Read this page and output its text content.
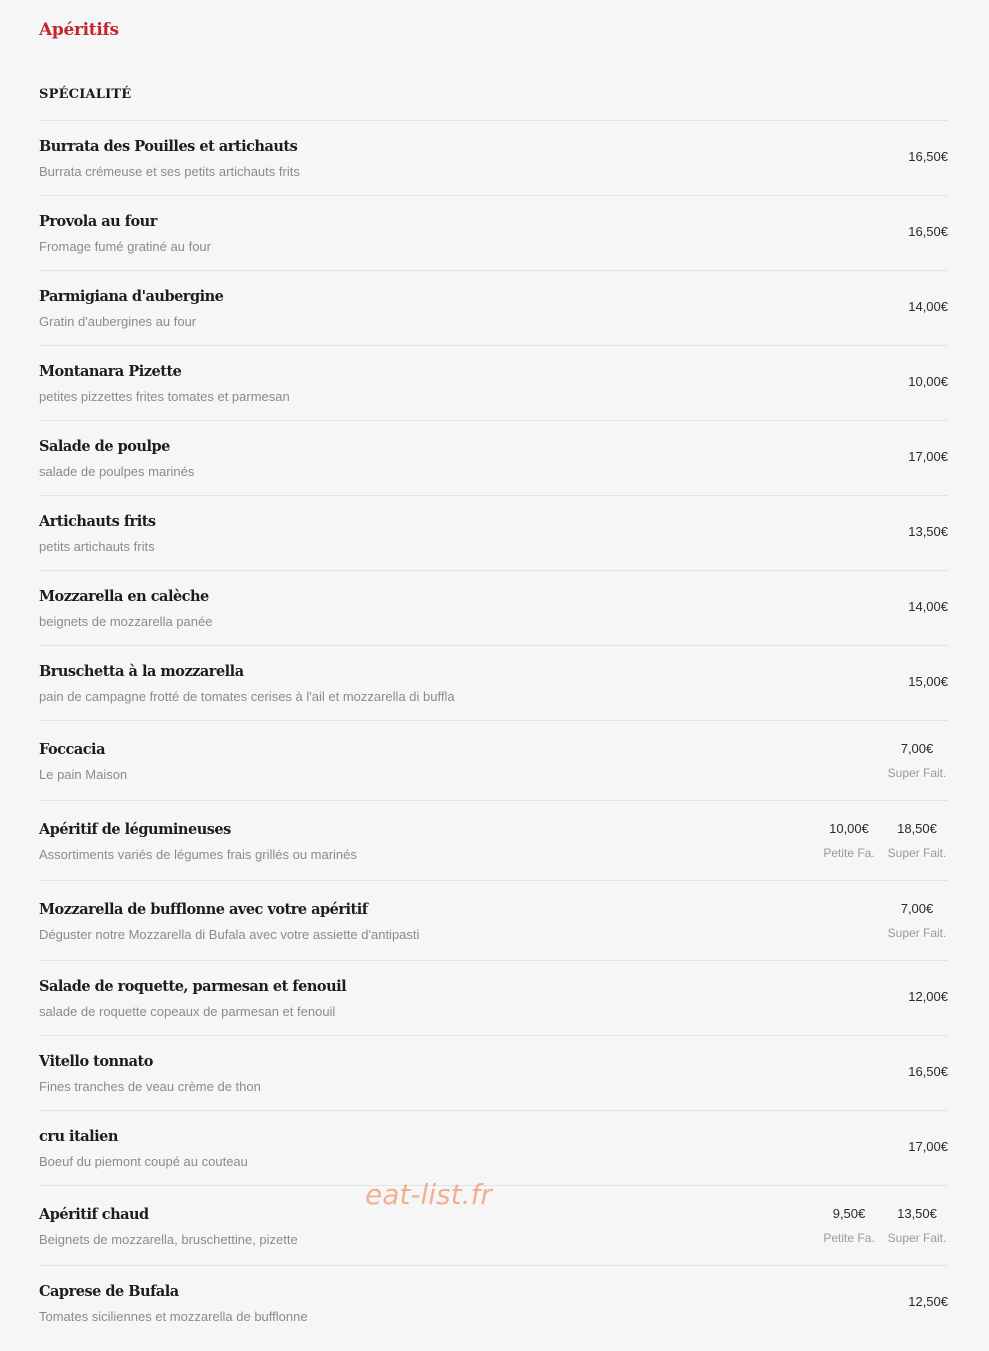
Apéritifs
SPÉCIALITÉ
Burrata des Pouilles et artichauts
Burrata crémeuse et ses petits artichauts frits
16,50€
Provola au four
Fromage fumé gratiné au four
16,50€
Parmigiana d'aubergine
Gratin d'aubergines au four
14,00€
Montanara Pizette
petites pizzettes frites tomates et parmesan
10,00€
Salade de poulpe
salade de poulpes marinés
17,00€
Artichauts frits
petits artichauts frits
13,50€
Mozzarella en calèche
beignets de mozzarella panée
14,00€
Bruschetta à la mozzarella
pain de campagne frotté de tomates cerises à l'ail et mozzarella di buffla
15,00€
Foccacia
Le pain Maison
7,00€
Super Fait.
Apéritif de légumineuses
Assortiments variés de légumes frais grillés ou marinés
10,00€
Petite Fa.
18,50€
Super Fait.
Mozzarella de bufflonne avec votre apéritif
Déguster notre Mozzarella di Bufala avec votre assiette d'antipasti
7,00€
Super Fait.
Salade de roquette, parmesan et fenouil
salade de roquette copeaux de parmesan et fenouil
12,00€
Vitello tonnato
Fines tranches de veau crème de thon
16,50€
cru italien
Boeuf du piemont coupé au couteau
17,00€
Apéritif chaud
Beignets de mozzarella, bruschettine, pizette
9,50€
Petite Fa.
13,50€
Super Fait.
Caprese de Bufala
Tomates siciliennes et mozzarella de bufflonne
12,50€
eat-list.fr
